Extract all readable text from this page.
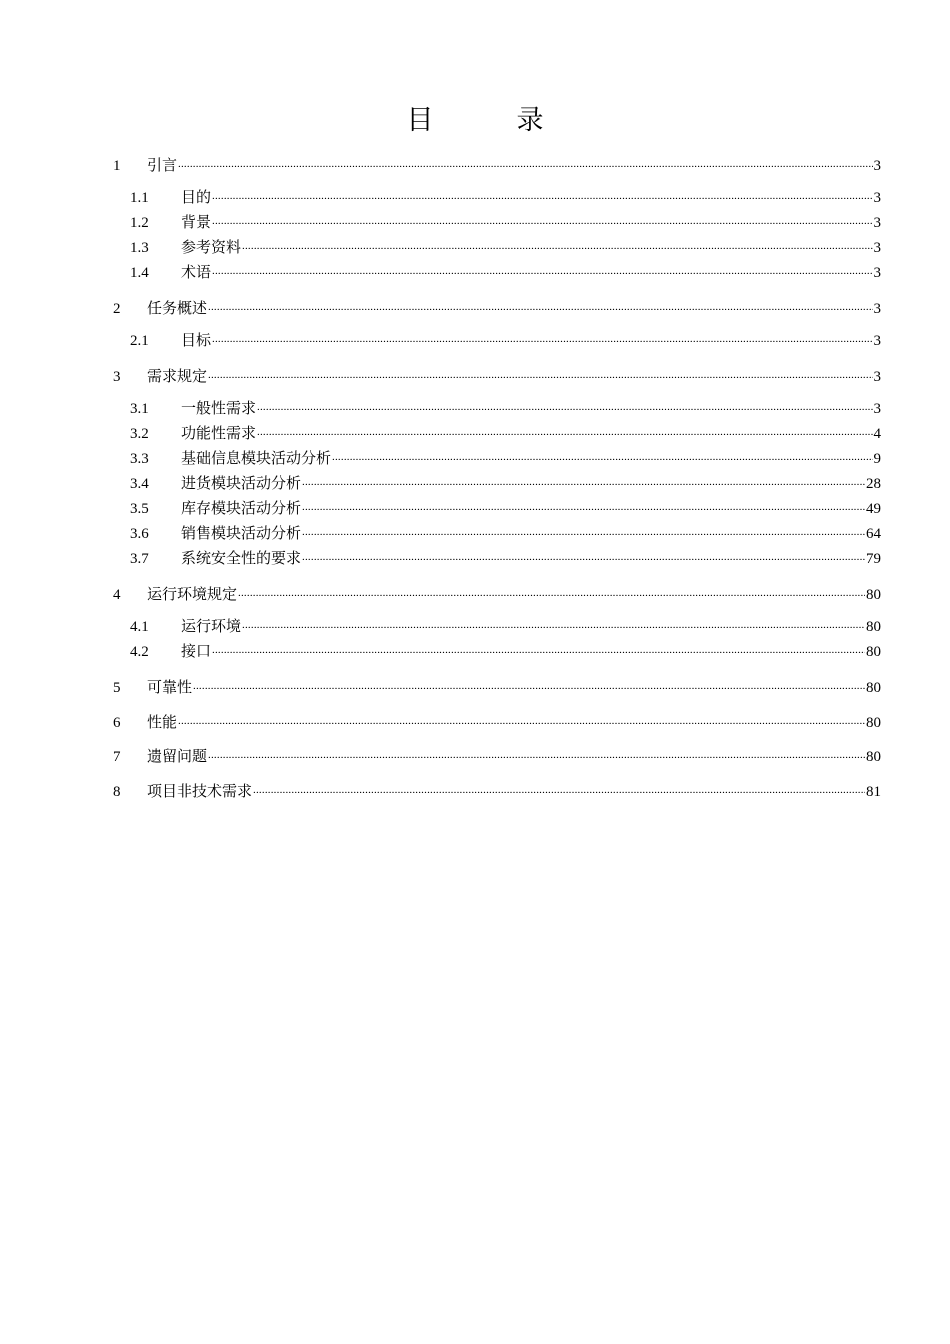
目　录
1	引言 .....	3
1.1	目的 .....	3
1.2	背景 .....	3
1.3	参考资料 .....	3
1.4	术语 .....	3
2	任务概述 .....	3
2.1	目标 .....	3
3	需求规定 .....	3
3.1	一般性需求 .....	3
3.2	功能性需求 .....	4
3.3	基础信息模块活动分析 .....	9
3.4	进货模块活动分析 .....	28
3.5	库存模块活动分析 .....	49
3.6	销售模块活动分析 .....	64
3.7	系统安全性的要求 .....	79
4	运行环境规定 .....	80
4.1	运行环境 .....	80
4.2	接口 .....	80
5	可靠性 .....	80
6	性能 .....	80
7	遗留问题 .....	80
8	项目非技术需求 .....	81
